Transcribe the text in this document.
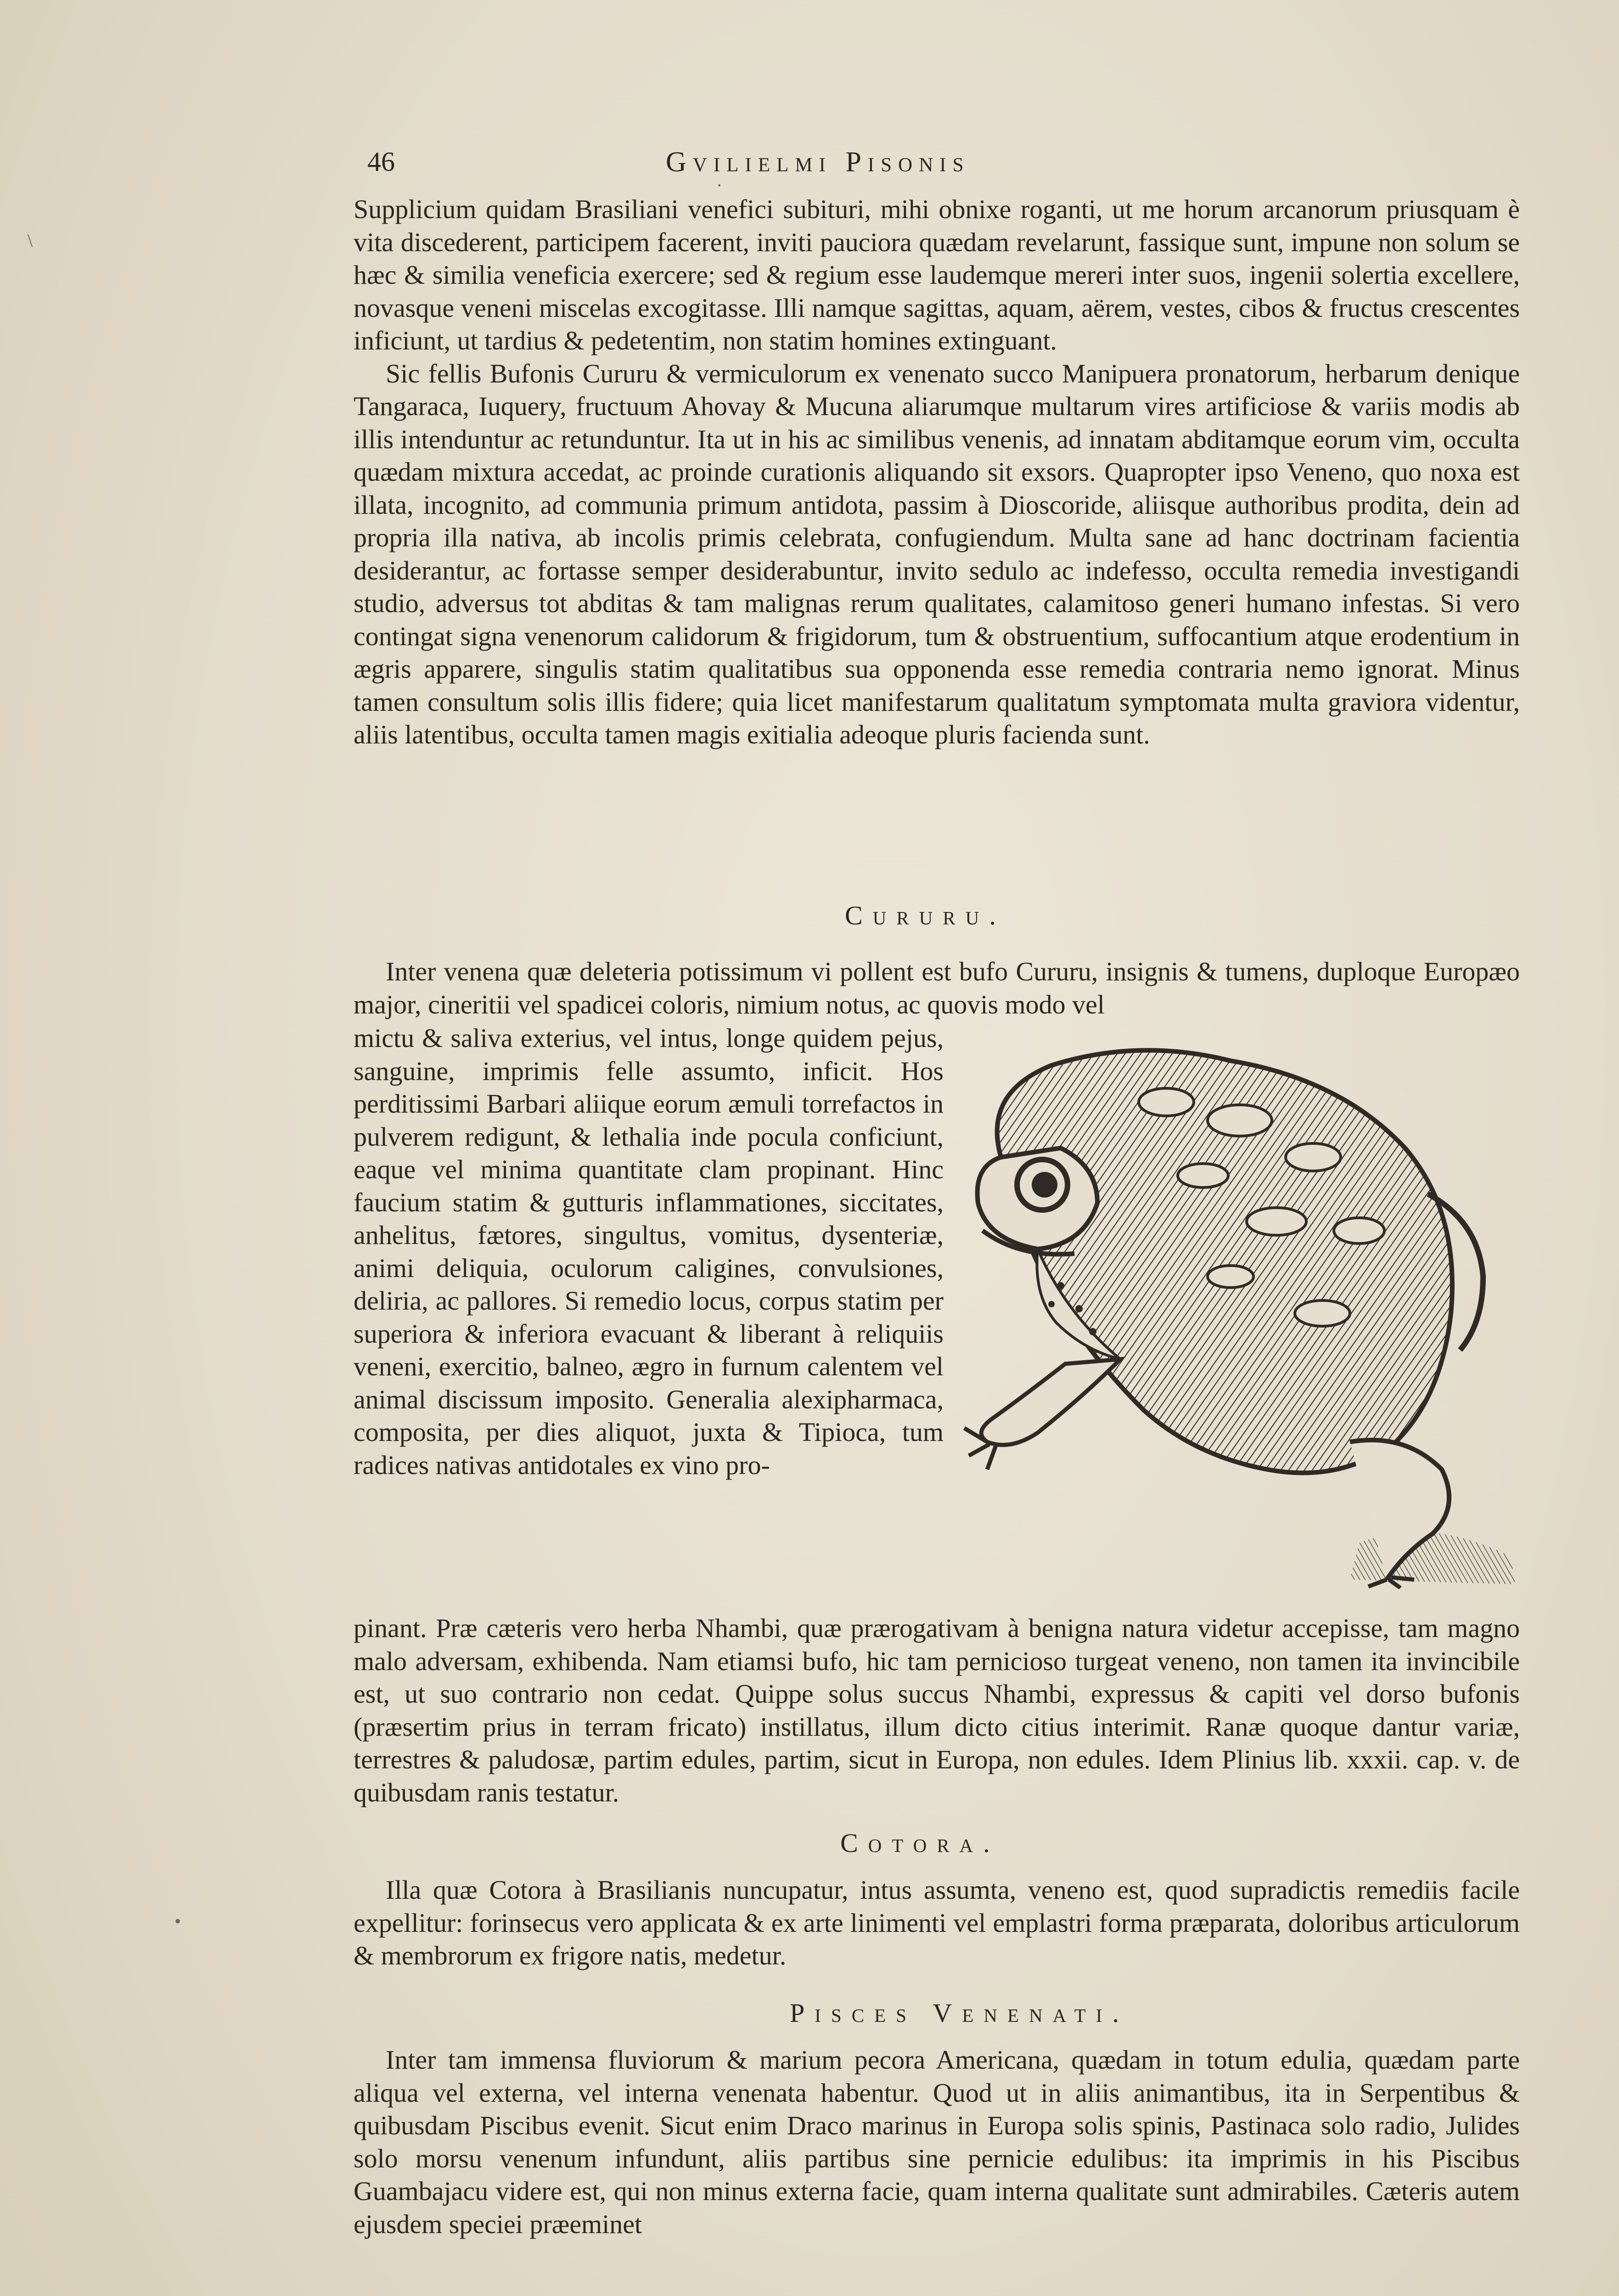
46	Gvilielmi Pisonis
·
\
•

Supplicium quidam Brasiliani venefici subituri, mihi obnixe roganti, ut me horum arcanorum priusquam è vita discederent, participem facerent, inviti pauciora quædam revelarunt, fassique sunt, impune non solum se hæc & similia veneficia exercere; sed & regium esse laudemque mereri inter suos, ingenii solertia excellere, novasque veneni miscelas excogitasse. Illi namque sagittas, aquam, aërem, vestes, cibos & fructus crescentes inficiunt, ut tardius & pedetentim, non statim homines extinguant.

Sic fellis Bufonis Cururu & vermiculorum ex venenato succo Manipuera pronatorum, herbarum denique Tangaraca, Iuquery, fructuum Ahovay & Mucuna aliarumque multarum vires artificiose & variis modis ab illis intenduntur ac retunduntur. Ita ut in his ac similibus venenis, ad innatam abditamque eorum vim, occulta quædam mixtura accedat, ac proinde curationis aliquando sit exsors. Quapropter ipso Veneno, quo noxa est illata, incognito, ad communia primum antidota, passim à Dioscoride, aliisque authoribus prodita, dein ad propria illa nativa, ab incolis primis celebrata, confugiendum. Multa sane ad hanc doctrinam facientia desiderantur, ac fortasse semper desiderabuntur, invito sedulo ac indefesso, occulta remedia investigandi studio, adversus tot abditas & tam malignas rerum qualitates, calamitoso generi humano infestas. Si vero contingat signa venenorum calidorum & frigidorum, tum & obstruentium, suffocantium atque erodentium in ægris apparere, singulis statim qualitatibus sua opponenda esse remedia contraria nemo ignorat. Minus tamen consultum solis illis fidere; quia licet manifestarum qualitatum symptomata multa graviora videntur, aliis latentibus, occulta tamen magis exitialia adeoque pluris facienda sunt.

Cururu.
Inter venena quæ deleteria potissimum vi pollent est bufo Cururu, insignis & tumens, duploque Europæo major, cineritii vel spadicei coloris, nimium notus, ac quovis modo vel
mictu & saliva exterius, vel intus, longe quidem pejus, sanguine, imprimis felle assumto, inficit. Hos perditissimi Barbari aliique eorum æmuli torrefactos in pulverem redigunt, & lethalia inde pocula conficiunt, eaque vel minima quantitate clam propinant. Hinc faucium statim & gutturis inflammationes, siccitates, anhelitus, fætores, singultus, vomitus, dysenteriæ, animi deliquia, oculorum caligines, convulsiones, deliria, ac pallores. Si remedio locus, corpus statim per superiora & inferiora evacuant & liberant à reliquiis veneni, exercitio, balneo, ægro in furnum calentem vel animal discissum imposito. Generalia alexipharmaca, composita, per dies aliquot, juxta & Tipioca, tum radices nativas antidotales ex vino pro-
pinant. Præ cæteris vero herba Nhambi, quæ prærogativam à benigna natura videtur accepisse, tam magno malo adversam, exhibenda. Nam etiamsi bufo, hic tam pernicioso turgeat veneno, non tamen ita invincibile est, ut suo contrario non cedat. Quippe solus succus Nhambi, expressus & capiti vel dorso bufonis (præsertim prius in terram fricato) instillatus, illum dicto citius interimit. Ranæ quoque dantur variæ, terrestres & paludosæ, partim edules, partim, sicut in Europa, non edules. Idem Plinius lib. xxxii. cap. v. de quibusdam ranis testatur.
Cotora.
Illa quæ Cotora à Brasilianis nuncupatur, intus assumta, veneno est, quod supradictis remediis facile expellitur: forinsecus vero applicata & ex arte linimenti vel emplastri forma præparata, doloribus articulorum & membrorum ex frigore natis, medetur.
Pisces Venenati.
Inter tam immensa fluviorum & marium pecora Americana, quædam in totum edulia, quædam parte aliqua vel externa, vel interna venenata habentur. Quod ut in aliis animantibus, ita in Serpentibus & quibusdam Piscibus evenit. Sicut enim Draco marinus in Europa solis spinis, Pastinaca solo radio, Julides solo morsu venenum infundunt, aliis partibus sine pernicie edulibus: ita imprimis in his Piscibus Guambajacu videre est, qui non minus externa facie, quam interna qualitate sunt admirabiles. Cæteris autem ejusdem speciei præeminet
